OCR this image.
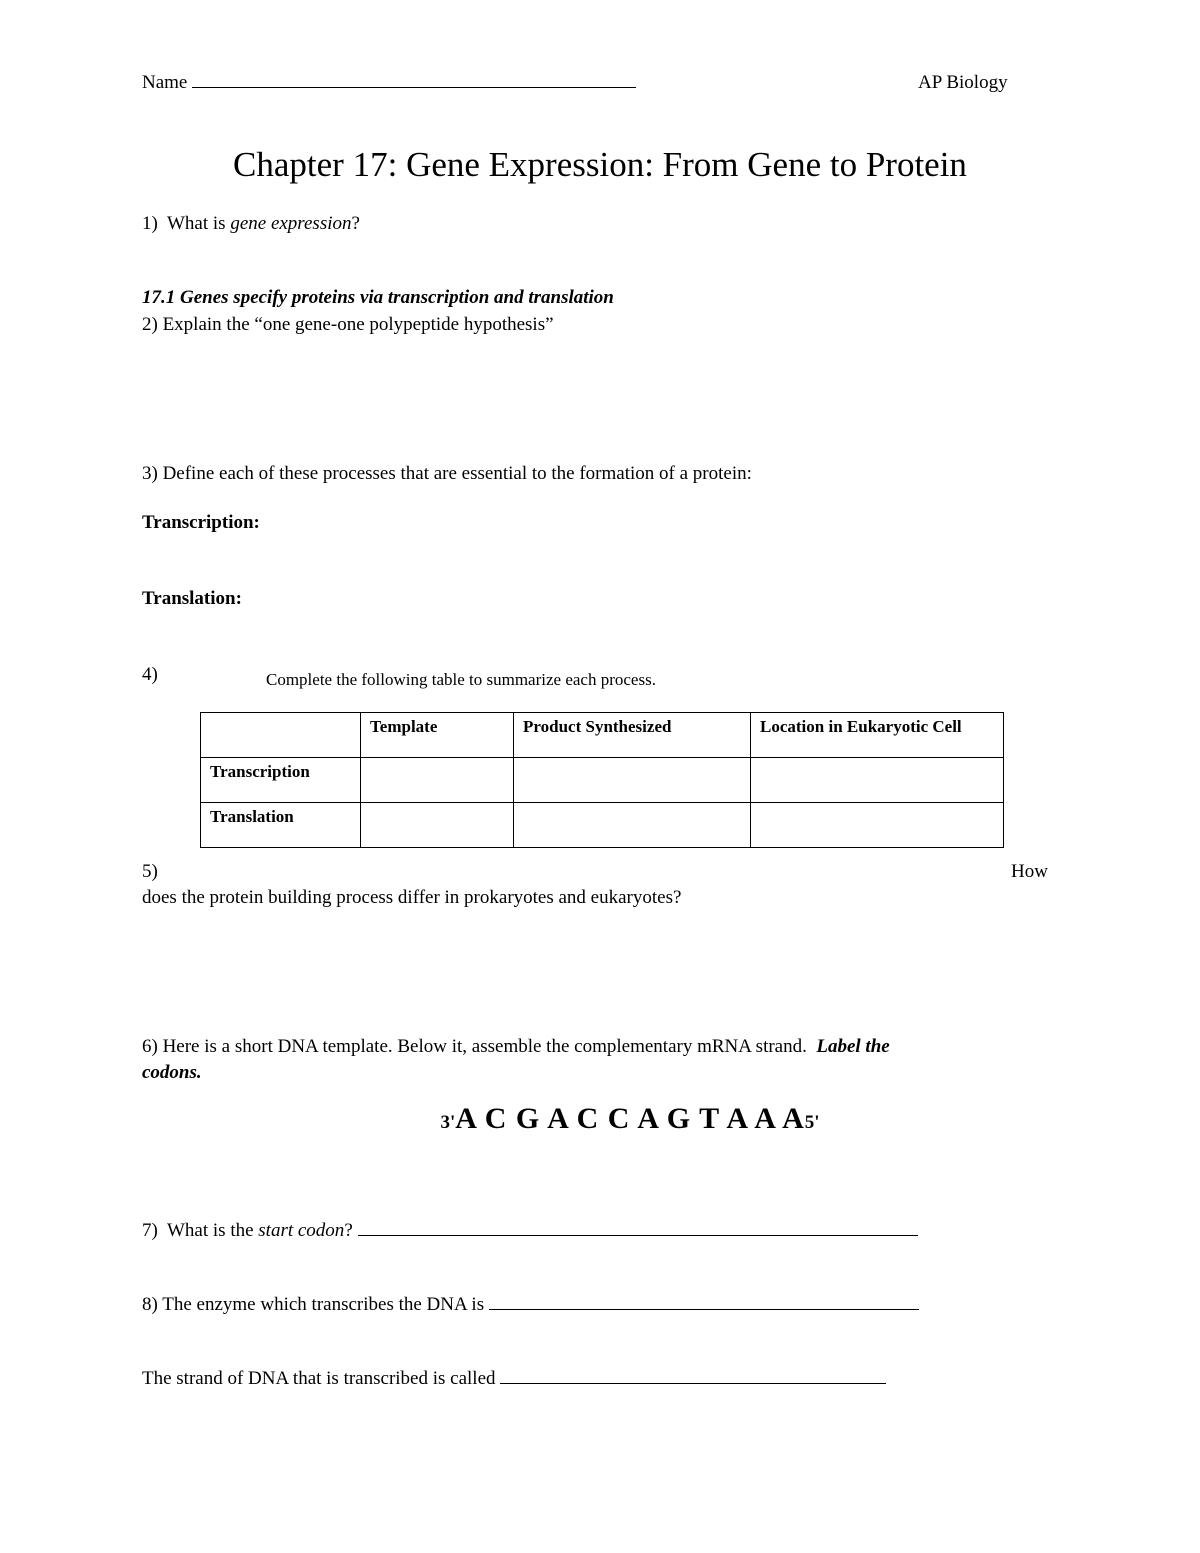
Name	AP Biology
Chapter 17: Gene Expression: From Gene to Protein
1) What is gene expression?
17.1 Genes specify proteins via transcription and translation
2) Explain the “one gene-one polypeptide hypothesis”
3) Define each of these processes that are essential to the formation of a protein:
Transcription:
Translation:
4)	Complete the following table to summarize each process.
	Template	Product Synthesized	Location in Eukaryotic Cell
Transcription			
Translation			
5)	How
does the protein building process differ in prokaryotes and eukaryotes?
6) Here is a short DNA template. Below it, assemble the complementary mRNA strand. Label the
codons.
3'A C G A C C A G T A A A5'
7) What is the start codon?
8) The enzyme which transcribes the DNA is
The strand of DNA that is transcribed is called
